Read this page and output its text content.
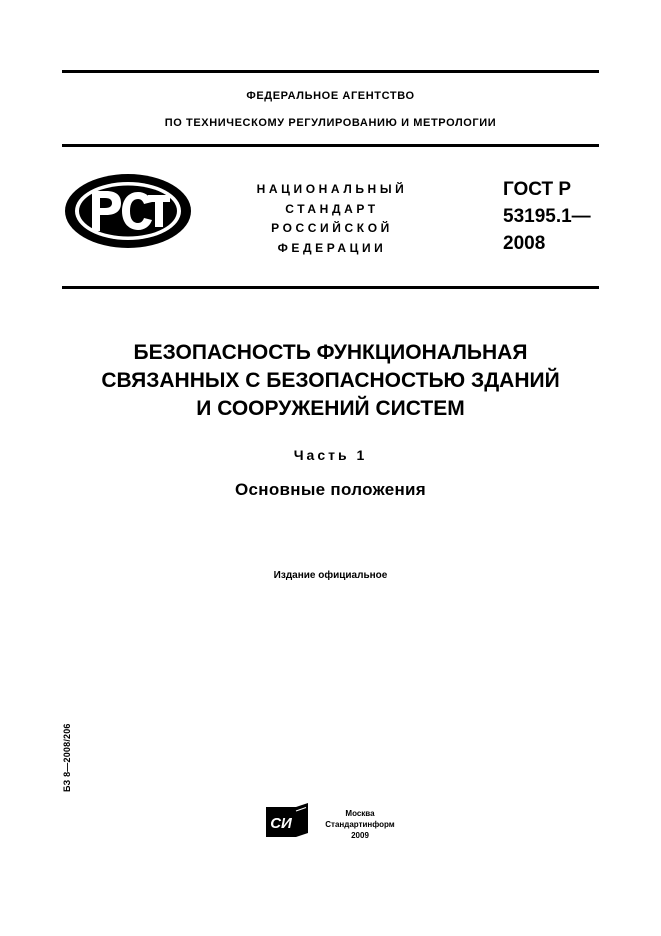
ФЕДЕРАЛЬНОЕ АГЕНТСТВО
ПО ТЕХНИЧЕСКОМУ РЕГУЛИРОВАНИЮ И МЕТРОЛОГИИ
НАЦИОНАЛЬНЫЙ
СТАНДАРТ
РОССИЙСКОЙ
ФЕДЕРАЦИИ
ГОСТ Р
53195.1—
2008
БЕЗОПАСНОСТЬ ФУНКЦИОНАЛЬНАЯ
СВЯЗАННЫХ С БЕЗОПАСНОСТЬЮ ЗДАНИЙ
И СООРУЖЕНИЙ СИСТЕМ
Часть 1
Основные положения
Издание официальное
БЗ 8—2008/206
СИ
Москва
Стандартинформ
2009
